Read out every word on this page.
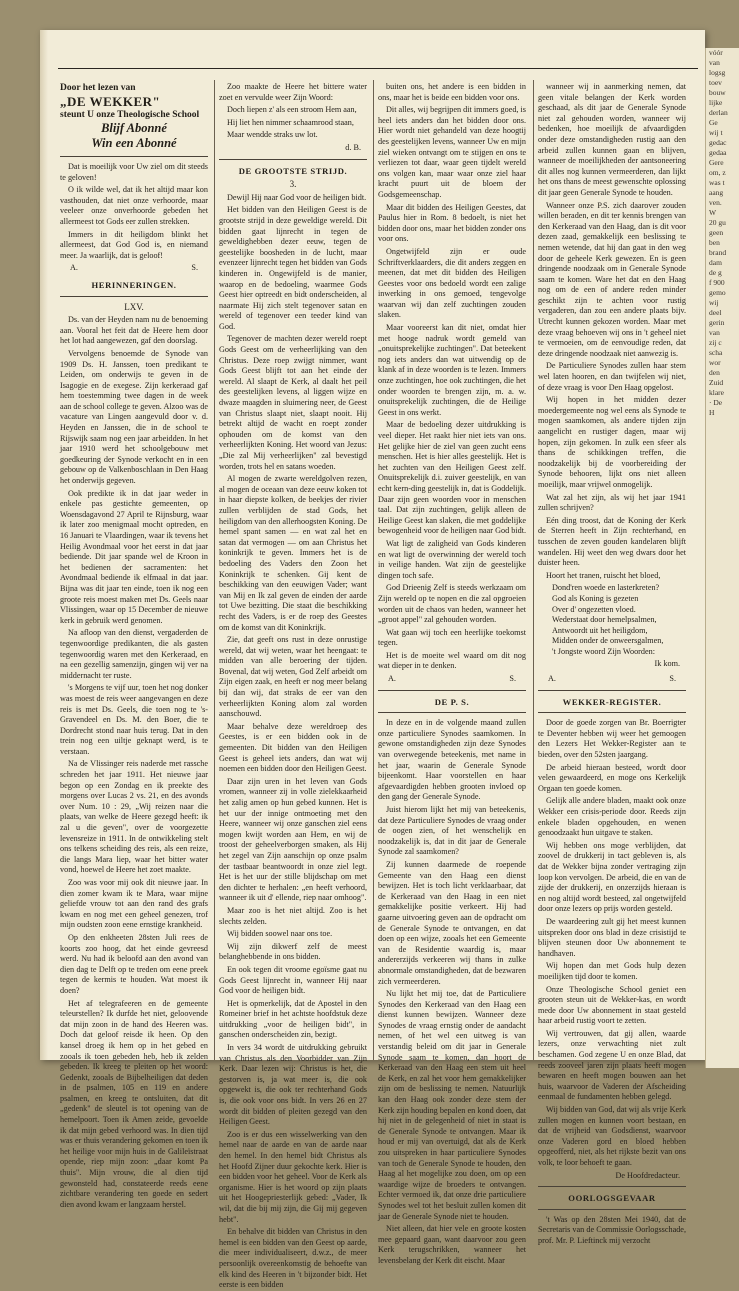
vóór
van
logsg
toev
bouw
lijke
derlan
Ge
wij t
gedac
gedaa
Gere
om, z
was t
aang
ven.
W
20 gu
geen
ben
brand
dam
de g
f 900
gemo
wij
deel
gerin
van
zij c
scha
wor
den
Zuid
klare
· De
H
Door het lezen van
„DE WEKKER"
steunt U onze Theologische School
Blijf Abonné
Win een Abonné

Dat is moeilijk voor Uw ziel om dit steeds te geloven!

O ik wilde wel, dat ik het altijd maar kon vasthouden, dat niet onze verhoorde, maar veeleer onze onverhoorde gebeden het allermeest tot Gods eer zullen strekken.

Immers in dit heiligdom blinkt het allermeest, dat God God is, en niemand meer. Ja waarlijk, dat is geloof!

A.	S.
HERINNERINGEN.
LXV.

Ds. van der Heyden nam nu de benoeming aan. Vooral het feit dat de Heere hem door het lot had aangewezen, gaf den doorslag.

Vervolgens benoemde de Synode van 1909 Ds. H. Janssen, toen predikant te Leiden, om onderwijs te geven in de Isagogie en de exegese. Zijn kerkeraad gaf hem toestemming twee dagen in de week aan de school college te geven. Alzoo was de vacature van Lingen aangevuld door v. d. Heyden en Janssen, die in de school te Rijswijk saam nog een jaar arbeidden. In het jaar 1910 werd het schoolgebouw met goedkeuring der Synode verkocht en in een gebouw op de Valkenboschlaan in Den Haag het onderwijs gegeven.

Ook predikte ik in dat jaar weder in enkele pas gestichte gemeenten, op Woensdagavond 27 April te Rijnsburg, waar ik later zoo menigmaal mocht optreden, en 16 Januari te Vlaardingen, waar ik tevens het Heilig Avondmaal voor het eerst in dat jaar bediende. Dit jaar spande wel de Kroon in het bedienen der sacramenten: het Avondmaal bediende ik elfmaal in dat jaar. Bijna was dit jaar ten einde, toen ik nog een groote reis moest maken met Ds. Geels naar Vlissingen, waar op 15 December de nieuwe kerk in gebruik werd genomen.

Na afloop van den dienst, vergaderden de tegenwoordige predikanten, die als gasten tegenwoordig waren met den Kerkeraad, en na een gezellig samenzijn, gingen wij ver na middernacht ter ruste.

's Morgens te vijf uur, toen het nog donker was moest de reis weer aangevangen en deze reis is met Ds. Geels, die toen nog te 's-Gravendeel en Ds. M. den Boer, die te Dordrecht stond naar huis terug. Dat in den trein nog een uiltje geknapt werd, is te verstaan.

Na de Vlissinger reis naderde met rassche schreden het jaar 1911. Het nieuwe jaar begon op een Zondag en ik preekte des morgens over Lucas 2 vs. 21, en des avonds over Num. 10 : 29, „Wij reizen naar die plaats, van welke de Heere gezegd heeft: ik zal u die geven", over de voorgezette levensreize in 1911. In de ontwikkeling stelt ons telkens scheiding des reis, als een reize, die langs Mara liep, waar het bitter water vond, hoewel de Heere het zoet maakte.

Zoo was voor mij ook dit nieuwe jaar. In dien zomer kwam ik te Mara, waar mijne geliefde vrouw tot aan den rand des grafs kwam en nog met een geheel genezen, trof mijn oudsten zoon eene ernstige krankheid.

Op den enkheeten 28sten Juli rees de koorts zoo hoog, dat het einde gevreesd werd. Nu had ik beloofd aan den avond van dien dag te Delft op te treden om eene preek tegen de kermis te houden. Wat moest ik doen?

Het af telegrafeeren en de gemeente teleurstellen? Ik durfde het niet, geloovende dat mijn zoon in de hand des Heeren was. Doch dat geloof reisde ik heen. Op den kansel droeg ik hem op in het gebed en zooals ik toen gebeden heb, heb ik zelden gebeden. Ik kreeg te pleiten op het woord: Gedenkt, zooals de Bijbelheiligen dat deden in de psalmen, 105 en 119 en andere psalmen, en kreeg te ontsluiten, dat dit „gedenk" de sleutel is tot opening van de hemelpoort. Toen ik Amen zeide, gevoelde ik dat mijn gebed verhoord was. In dien tijd was er thuis verandering gekomen en toen ik het heilige voor mijn huis in de Galileïstraat opende, riep mijn zoon: „daar komt Pa thuis". Mijn vrouw, die al dien tijd gewonsteld had, constateerde reeds eene zichtbare verandering ten goede en sedert dien avond kwam er langzaam herstel.

Zoo maakte de Heere het bittere water zoet en vervulde weer Zijn Woord:

Doch liepen z' als een stroom Hem aan,

Hij liet hen nimmer schaamrood staan,

Maar wendde straks uw lot.

d. B.
DE GROOTSTE STRIJD.
3.

Dewijl Hij naar God voor de heiligen bidt.

Het bidden van den Heiligen Geest is de grootste strijd in deze geweldige wereld. Dit bidden gaat lijnrecht in tegen de geweldighebben dezer eeuw, tegen de geestelijke boosheden in de lucht, maar evenzeer lijnrecht tegen het bidden van Gods kinderen in. Ongewijfeld is de manier, waarop en de bedoeling, waarmee Gods Geest hier optreedt en bidt onderscheiden, al naarmate Hij zich stelt tegenover satan en wereld of tegenover een teeder kind van God.

Tegenover de machten dezer wereld roept Gods Geest om de verheerlijking van den Christus. Deze roep zwijgt nimmer, want Gods Geest blijft tot aan het einde der wereld. Al slaapt de Kerk, al daalt het peil des geestelijken levens, al liggen wijze en dwaze maagden in sluimering neer, de Geest van Christus slaapt niet, slaapt nooit. Hij betrekt altijd de wacht en roept zonder ophouden om de komst van den verheerlijkten Koning. Het woord van Jezus: „Die zal Mij verheerlijken" zal bevestigd worden, trots hel en satans woeden.

Al mogen de zwarte wereldgolven rezen, al mogen de oceaan van deze eeuw koken tot in haar diepste kolken, de beekjes der rivier zullen verblijden de stad Gods, het heiligdom van den allerhoogsten Koning. De hemel spant samen — en wat zal het en satan dat vermogen — om aan Christus het koninkrijk te geven. Immers het is de bedoeling des Vaders den Zoon het Koninkrijk te schenken. Gij kent de beschikking van den eeuwigen Vader; want van Mij en Ik zal geven de einden der aarde tot Uwe bezitting. Die staat die beschikking recht des Vaders, is er de roep des Geestes om de komst van dit Koninkrijk.

Zie, dat geeft ons rust in deze onrustige wereld, dat wij weten, waar het heengaat: te midden van alle beroering der tijden. Bovenal, dat wij weten, God Zelf arbeidt om Zijn eigen zaak, en heeft er nog meer belang bij dan wij, dat straks de eer van den verheerlijkten Koning alom zal worden aanschouwd.

Maar behalve deze wereldroep des Geestes, is er een bidden ook in de gemeenten. Dit bidden van den Heiligen Geest is geheel iets anders, dan wat wij noemen een bidden door den Heiligen Geest.

Daar zijn uren in het leven van Gods vromen, wanneer zij in volle zielekkaarheid het zalig amen op hun gebed kunnen. Het is het uur der innige ontmoeting met den Heere, wanneer wij onze ganschen ziel eens mogen kwijt worden aan Hem, en wij de troost der geheelverborgen smaken, als Hij het zegel van Zijn aanschijn op onze psalm der tastbaar beantwoordt in onze ziel legt. Het is het uur der stille blijdschap om met den dichter te herhalen: „en heeft verhoord, wanneer ik uit d' ellende, riep naar omhoog".

Maar zoo is het niet altijd. Zoo is het slechts zelden.

Wij bidden soowel naar ons toe.

Wij zijn dikwerf zelf de meest belanghebbende in ons bidden.

En ook tegen dit vroome egoïsme gaat nu Gods Geest lijnrecht in, wanneer Hij naar God voor de heiligen bidt.

Het is opmerkelijk, dat de Apostel in den Romeiner brief in het achtste hoofdstuk deze uitdrukking „voor de heiligen bidt", in ganschen onderscheiden zin, bezigt.

In vers 34 wordt de uitdrukking gebruikt van Christus als den Voorbidder van Zijn Kerk. Daar lezen wij: Christus is het, die gestorven is, ja wat meer is, die ook opgewekt is, die ook ter rechterhand Gods is, die ook voor ons bidt. In vers 26 en 27 wordt dit bidden of pleiten gezegd van den Heiligen Geest.

Zoo is er dus een wisselwerking van den hemel naar de aarde en van de aarde naar den hemel. In den hemel bidt Christus als het Hoofd Zijner duur gekochte kerk. Hier is een bidden voor het geheel. Voor de Kerk als organisme. Hier is het woord op zijn plaats uit het Hoogepriesterlijk gebed: „Vader, Ik wil, dat die bij mij zijn, die Gij mij gegeven hebt".

En behalve dit bidden van Christus in den hemel is een bidden van den Geest op aarde, die meer individualiseert, d.w.z., de meer persoonlijk overeenkomstig de behoefte van elk kind des Heeren in 't bijzonder bidt. Het eerste is een bidden

buiten ons, het andere is een bidden in ons, maar het is beide een bidden voor ons.

Dit alles, wij begrijpen dit immers goed, is heel iets anders dan het bidden door ons. Hier wordt niet gehandeld van deze hoogtij des geestelijken levens, wanneer Uw en mijn ziel wieken ontvangt om te stijgen en ons te verliezen tot daar, waar geen tijdelt wereld ons volgen kan, maar waar onze ziel haar kracht puurt uit de bloem der Godsgemeenschap.

Maar dit bidden des Heiligen Geestes, dat Paulus hier in Rom. 8 bedoelt, is niet het bidden door ons, maar het bidden zonder ons voor ons.

Ongetwijfeld zijn er oude Schriftverklaarders, die dit anders zeggen en meenen, dat met dit bidden des Heiligen Geestes voor ons bedoeld wordt een zalige inwerking in ons gemoed, tengevolge waarvan wij dan zelf zuchtingen zouden slaken.

Maar vooreerst kan dit niet, omdat hier met hooge nadruk wordt gemeld van „onuitsprekelijke zuchtingen". Dat beteekent nog iets anders dan wat uitwendig op de klank af in deze woorden is te lezen. Immers onze zuchtingen, hoe ook zuchtingen, die het onder woorden te brengen zijn, m. a. w. onuitsprekelijk zuchtingen, die de Heilige Geest in ons werkt.

Maar de bedoeling dezer uitdrukking is veel dieper. Het raakt hier niet iets van ons. Het gelijke hier de ziel van geen zucht eens menschen. Het is hier alles geestelijk. Het is het zuchten van den Heiligen Geest zelf. Onuitsprekelijk d.i. zuiver geestelijk, en van echt kern-ding geestelijk in, dat is Goddelijk. Daar zijn geen woorden voor in menschen taal. Dat zijn zuchtingen, gelijk alleen de Heilige Geest kan slaken, die met goddelijke bewogenheid voor de heiligen naar God bidt.

Wat ligt de zaligheid van Gods kinderen en wat ligt de overwinning der wereld toch in veilige handen. Wat zijn de geestelijke dingen toch safe.

God Drieenig Zelf is steeds werkzaam om Zijn wereld op te nopen en die zal opgroeien worden uit de chaos van heden, wanneer het „groot appel" zal gehouden worden.

Wat gaan wij toch een heerlijke toekomst tegen.

Het is de moeite wel waard om dit nog wat dieper in te denken.

A.	S.
DE P. S.

In deze en in de volgende maand zullen onze particuliere Synodes saamkomen. In gewone omstandigheden zijn deze Synodes van overwegende beteekenis, met name in het jaar, waarin de Generale Synode bijeenkomt. Haar voorstellen en haar afgevaardigden hebben grooten invloed op den gang der Generale Synode.

Juist hierom lijkt het mij van beteekenis, dat deze Particuliere Synodes de vraag onder de oogen zien, of het wenschelijk en noodzakelijk is, dat in dit jaar de Generale Synode zal saamkomen?

Zij kunnen daarmede de roepende Gemeente van den Haag een dienst bewijzen. Het is toch licht verklaarbaar, dat de Kerkeraad van den Haag in een niet gemakkelijke positie verkeert. Hij had gaarne uitvoering geven aan de opdracht om de Generale Synode te ontvangen, en dat doen op een wijze, zooals het een Gemeente van de Residentie waardig is, maar andererzijds verkeeren wij thans in zulke abnormale omstandigheden, dat de bezwaren zich vermeerderen.

Nu lijkt het mij toe, dat de Particuliere Synodes den Kerkeraad van den Haag een dienst kunnen bewijzen. Wanneer deze Synodes de vraag ernstig onder de aandacht nemen, of het wel een uitweg is van verstandig beleid om dit jaar in Generale Synode saam te komen, dan hoort de Kerkeraad van den Haag een stem uit heel de Kerk, en zal het voor hem gemakkelijker zijn om de beslissing te nemen. Natuurlijk kan den Haag ook zonder deze stem der Kerk zijn houding bepalen en kond doen, dat hij niet in de gelegenheid of niet in staat is de Generale Synode te ontvangen. Maar ik houd er mij van overtuigd, dat als de Kerk zou uitspreken in haar particuliere Synodes van toch de Generale Synode te houden, den Haag al het mogelijke zou doen, om op een waardige wijze de broeders te ontvangen. Echter vermoed ik, dat onze drie particuliere Synodes wel tot het besluit zullen komen dit jaar de Generale Synode niet te houden.

Niet alleen, dat hier vele en groote kosten mee gepaard gaan, want daarvoor zou geen Kerk terugschrikken, wanneer het levensbelang der Kerk dit eischt. Maar

wanneer wij in aanmerking nemen, dat geen vitale belangen der Kerk worden geschaad, als dit jaar de Generale Synode niet zal gehouden worden, wanneer wij bedenken, hoe moeilijk de afvaardigden onder deze omstandigheden rustig aan den arbeid zullen kunnen gaan en blijven, wanneer de moeilijkheden der aantsoneering dit alles nog kunnen vermeerderen, dan lijkt het ons thans de meest gewenschte oplossing dit jaar geen Generale Synode te houden.

Wanneer onze P.S. zich daarover zouden willen beraden, en dit ter kennis brengen van den Kerkeraad van den Haag, dan is dit voor dezen zaad, gemakkelijk een beslissing te nemen wetende, dat hij dan gaat in den weg door de geheele Kerk gewezen. En is geen dringende noodzaak om in Generale Synode saam te komen. Ware het dat en den Haag nog om de een of andere reden minder geschikt zijn te achten voor rustig vergaderen, dan zou een andere plaats bijv. Utrecht kunnen gekozen worden. Maar met deze vraag behoeven wij ons in 't geheel niet te vermoeien, om de eenvoudige reden, dat deze dringende noodzaak niet aanwezig is.

De Particuliere Synodes zullen haar stem wel laten hooren, en dan twijfelen wij niet, of deze vraag is voor Den Haag opgelost.

Wij hopen in het midden dezer moedergemeente nog wel eens als Synode te mogen saamkomen, als andere tijden zijn aangelicht en rustiger dagen, maar wij hopen, zijn gekomen. In zulk een sfeer als thans de schikkingen treffen, die noodzakelijk bij de voorbereiding der Synode behooren, lijkt ons niet alleen moeilijk, maar vrijwel onmogelijk.

Wat zal het zijn, als wij het jaar 1941 zullen schrijven?

Eén ding troost, dat de Koning der Kerk de Sterren heeft in Zijn rechterhand, en tusschen de zeven gouden kandelaren blijft wandelen. Hij weet den weg dwars door het duister heen.

Hoort het tranen, ruischt het bloed,

Dond'ren woede en lasterkreten?
God als Koning is gezeten
Over d' ongezetten vloed.
Wederstaat door hemelpsalmen,
Antwoordt uit het heiligdom,
Midden onder de onweersgalmen,
't Jongste woord Zijn Woorden:
Ik kom.
A.	S.
WEKKER-REGISTER.

Door de goede zorgen van Br. Boerrigter te Deventer hebben wij weer het gemoogen den Lezers Het Wekker-Register aan te bieden, over den 52sten jaargang.

De arbeid hieraan besteed, wordt door velen gewaardeerd, en moge ons Kerkelijk Orgaan ten goede komen.

Gelijk alle andere bladen, maakt ook onze Wekker een crisis-periode door. Reeds zijn enkele bladen opgehouden, en wenen genoodzaakt hun uitgave te staken.

Wij hebben ons moge verblijden, dat zoovel de drukkerij in tact gebleven is, als dat de Wekker bijna zonder vertraging zijn loop kon vervolgen. De arbeid, die en van de zijde der drukkerij, en onzerzijds hieraan is en nog altijd wordt besteed, zal ongetwijfeld door onze lezers op prijs worden gesteld.

De waardeering zult gij het meest kunnen uitspreken door ons blad in deze crisistijd te blijven steunen door Uw abonnement te handhaven.

Wij hopen dan met Gods hulp dezen moeilijken tijd door te komen.

Onze Theologische School geniet een grooten steun uit de Wekker-kas, en wordt mede door Uw abonnement in staat gesteld haar arbeid rustig voort te zetten.

Wij vertrouwen, dat gij allen, waarde lezers, onze verwachting niet zult beschamen. God zegene U en onze Blad, dat reeds zooveel jaren zijn plaats heeft mogen bewaren en heeft mogen bouwen aan het huis, waarvoor de Vaderen der Afscheiding eenmaal de fundamenten hebben gelegd.

Wij bidden van God, dat wij als vrije Kerk zullen mogen en kunnen voort bestaan, en dat de vrijheid van Godsdienst, waarvoor onze Vaderen gord en bloed hebben opgeofferd, niet, als het rijkste bezit van ons volk, te loor behoeft te gaan.

De Hoofdredacteur.
OORLOGSGEVAAR

't Was op den 28sten Mei 1940, dat de Secretaris van de Commissie Oorlogsschade, prof. Mr. P. Lieftinck mij verzocht
